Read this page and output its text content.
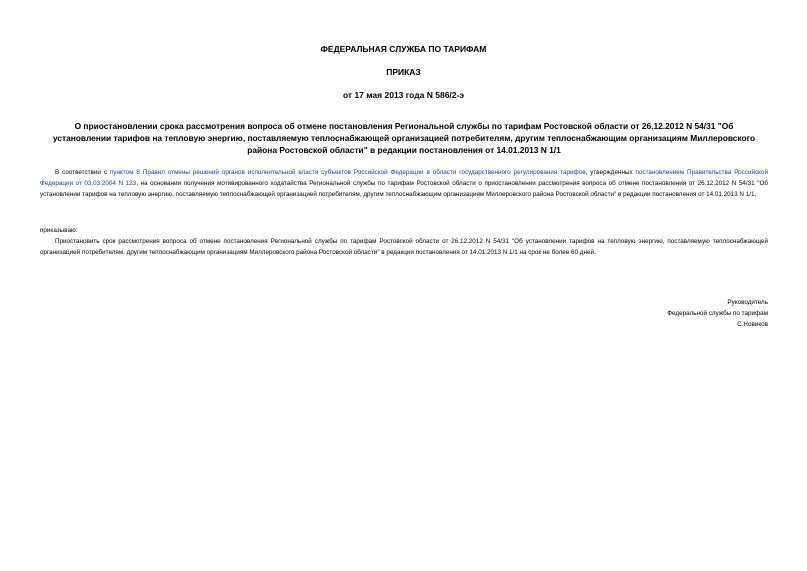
ФЕДЕРАЛЬНАЯ СЛУЖБА ПО ТАРИФАМ
ПРИКАЗ
от 17 мая 2013 года N 586/2-э
О приостановлении срока рассмотрения вопроса об отмене постановления Региональной службы по тарифам Ростовской области от 26.12.2012 N 54/31 "Об установлении тарифов на тепловую энергию, поставляемую теплоснабжающей организацией потребителям, другим теплоснабжающим организациям Миллеровского района Ростовской области" в редакции постановления от 14.01.2013 N 1/1
В соответствии с пунктом 8 Правил отмены решений органов исполнительной власти субъектов Российской Федерации в области государственного регулирования тарифов, утвержденных постановлением Правительства Российской Федерации от 03.03.2004 N 123, на основании получения мотивированного ходатайства Региональной службы по тарифам Ростовской области о приостановлении рассмотрения вопроса об отмене постановления от 26.12.2012 N 54/31 "Об установлении тарифов на тепловую энергию, поставляемую теплоснабжающей организацией потребителям, другим теплоснабжающим организациям Миллеровского района Ростовской области" в редакции постановления от 14.01.2013 N 1/1,
приказываю:
Приостановить срок рассмотрения вопроса об отмене постановления Региональной службы по тарифам Ростовской области от 26.12.2012 N 54/31 "Об установлении тарифов на тепловую энергию, поставляемую теплоснабжающей организацией потребителям, другим теплоснабжающим организациям Миллеровского района Ростовской области" в редакции постановления от 14.01.2013 N 1/1 на срок не более 60 дней.
Руководитель
Федеральной службы по тарифам
С.Новиков
